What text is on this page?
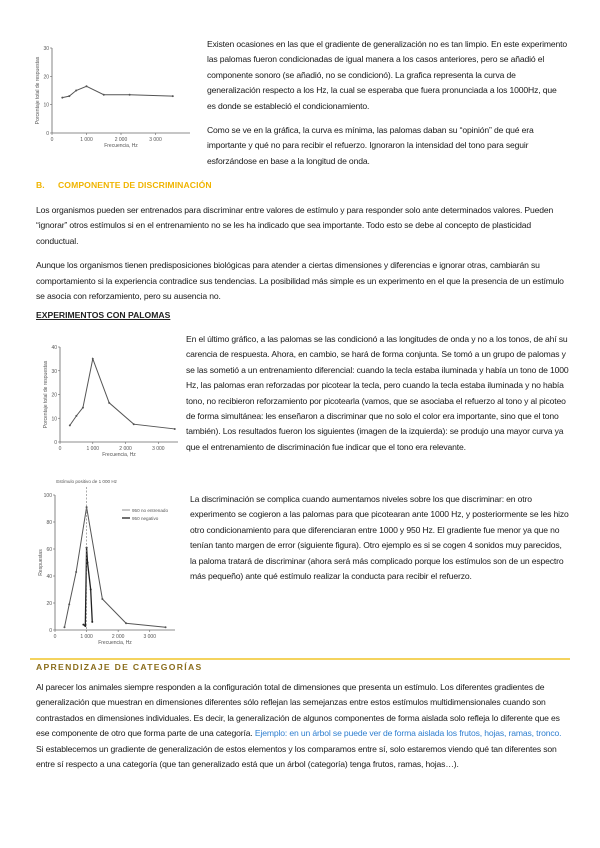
0
10
20
30
0	1 000	2 000	3 000
Frecuencia, Hz
Porcentaje total de respuestas
0
10
20
30
40
0	1 000	2 000	3 000
Frecuencia, Hz
Porcentaje total de respuestas
0
20
40
60
80
100
0	1 000	2 000	3 000
Frecuencia, Hz
Respuestas
Estímulo positivo de 1 000 Hz
950 no entrenado
950 negativo

Existen ocasiones en las que el gradiente de generalización no es tan limpio. En este experimento las palomas fueron condicionadas de igual manera a los casos anteriores, pero se añadió el componente sonoro (se añadió, no se condicionó). La grafica representa la curva de generalización respecto a los Hz, la cual se esperaba que fuera pronunciada a los 1000Hz, que es donde se estableció el condicionamiento.

Como se ve en la gráfica, la curva es mínima, las palomas daban su “opinión” de qué era importante y qué no para recibir el refuerzo. Ignoraron la intensidad del tono para seguir esforzándose en base a la longitud de onda.

B. COMPONENTE DE DISCRIMINACIÓN

Los organismos pueden ser entrenados para discriminar entre valores de estímulo y para responder solo ante determinados valores. Pueden “ignorar” otros estímulos si en el entrenamiento no se les ha indicado que sea importante. Todo esto se debe al concepto de plasticidad conductual.

Aunque los organismos tienen predisposiciones biológicas para atender a ciertas dimensiones y diferencias e ignorar otras, cambiarán su comportamiento si la experiencia contradice sus tendencias. La posibilidad más simple es un experimento en el que la presencia de un estímulo se asocia con reforzamiento, pero su ausencia no.

EXPERIMENTOS CON PALOMAS

En el último gráfico, a las palomas se las condicionó a las longitudes de onda y no a los tonos, de ahí su carencia de respuesta. Ahora, en cambio, se hará de forma conjunta. Se tomó a un grupo de palomas y se las sometió a un entrenamiento diferencial: cuando la tecla estaba iluminada y había un tono de 1000 Hz, las palomas eran reforzadas por picotear la tecla, pero cuando la tecla estaba iluminada y no había tono, no recibieron reforzamiento por picotearla (vamos, que se asociaba el refuerzo al tono y al picoteo de forma simultánea: les enseñaron a discriminar que no solo el color era importante, sino que el tono también). Los resultados fueron los siguientes (imagen de la izquierda): se produjo una mayor curva ya que el entrenamiento de discriminación fue indicar que el tono era relevante.

La discriminación se complica cuando aumentamos niveles sobre los que discriminar: en otro experimento se cogieron a las palomas para que picotearan ante 1000 Hz, y posteriormente se les hizo otro condicionamiento para que diferenciaran entre 1000 y 950 Hz. El gradiente fue menor ya que no tenían tanto margen de error (siguiente figura). Otro ejemplo es si se cogen 4 sonidos muy parecidos, la paloma tratará de discriminar (ahora será más complicado porque los estímulos son de un espectro más pequeño) ante qué estímulo realizar la conducta para recibir el refuerzo.

APRENDIZAJE DE CATEGORÍAS

Al parecer los animales siempre responden a la configuración total de dimensiones que presenta un estímulo. Los diferentes gradientes de generalización que muestran en dimensiones diferentes sólo reflejan las semejanzas entre estos estímulos multidimensionales cuando son contrastados en dimensiones individuales. Es decir, la generalización de algunos componentes de forma aislada solo refleja lo diferente que es ese componente de otro que forma parte de una categoría. Ejemplo: en un árbol se puede ver de forma aislada los frutos, hojas, ramas, tronco. Si establecemos un gradiente de generalización de estos elementos y los comparamos entre sí, solo estaremos viendo qué tan diferentes son entre sí respecto a una categoría (que tan generalizado está que un árbol (categoría) tenga frutos, ramas, hojas…).
